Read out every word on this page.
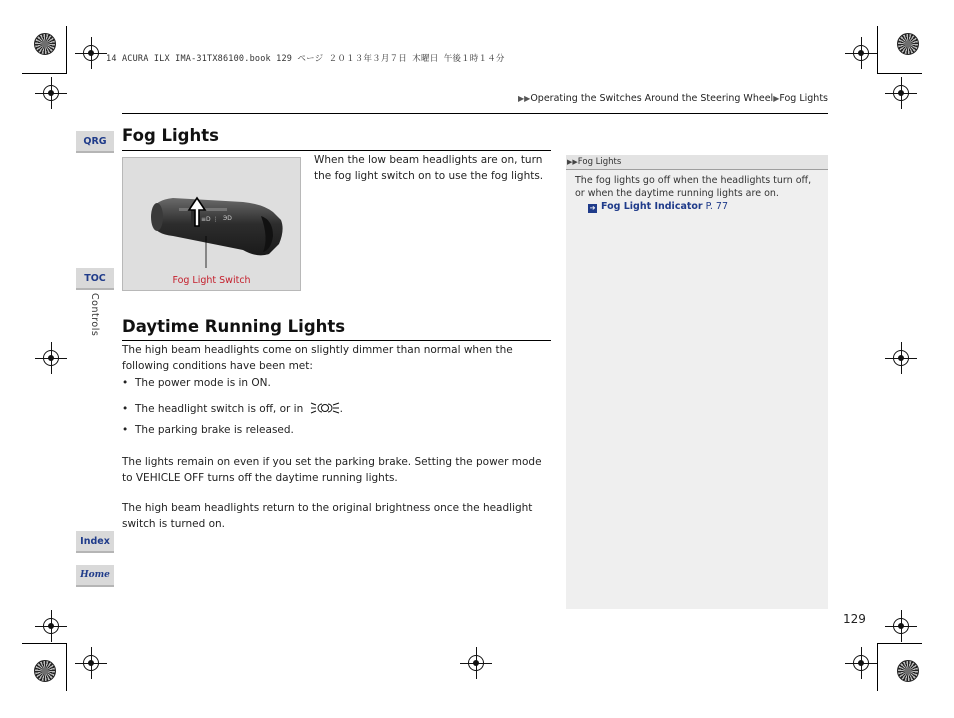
14 ACURA ILX IMA-31TX86100.book 129 ページ ２０１３年３月７日 木曜日 午後１時１４分
▶▶Operating the Switches Around the Steering Wheel▶Fog Lights
QRG
TOC
Controls
Index
Home
Fog Lights
≡D ⋮ ЭD
Fog Light Switch
When the low beam headlights are on, turn the fog light switch on to use the fog lights.
Daytime Running Lights
The high beam headlights come on slightly dimmer than normal when the following conditions have been met:
• The power mode is in ON.
• The headlight switch is off, or in	.
• The parking brake is released.
The lights remain on even if you set the parking brake. Setting the power mode to VEHICLE OFF turns off the daytime running lights.
The high beam headlights return to the original brightness once the headlight switch is turned on.
▶▶Fog Lights
The fog lights go off when the headlights turn off, or when the daytime running lights are on.
➔ Fog Light Indicator P. 77
129
